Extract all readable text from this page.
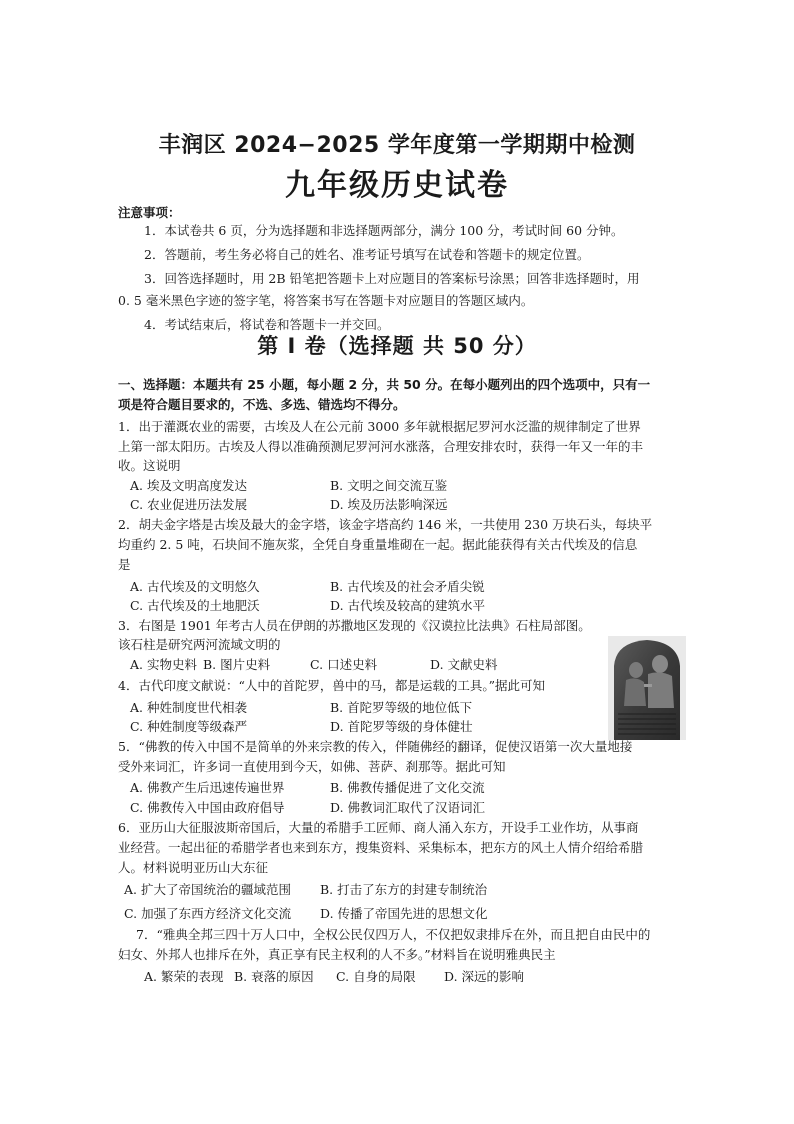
丰润区 2024−2025 学年度第一学期期中检测
九年级历史试卷
注意事项：
1．本试卷共 6 页，分为选择题和非选择题两部分，满分 100 分，考试时间 60 分钟。
2．答题前，考生务必将自己的姓名、准考证号填写在试卷和答题卡的规定位置。
3．回答选择题时，用 2B 铅笔把答题卡上对应题目的答案标号涂黑；回答非选择题时，用
0. 5 毫米黑色字迹的签字笔，将答案书写在答题卡对应题目的答题区域内。
4．考试结束后，将试卷和答题卡一并交回。
第 I 卷（选择题 共 50 分）
一、选择题：本题共有 25 小题，每小题 2 分，共 50 分。在每小题列出的四个选项中，只有一
项是符合题目要求的，不选、多选、错选均不得分。
1．出于灌溉农业的需要，古埃及人在公元前 3000 多年就根据尼罗河水泛滥的规律制定了世界
上第一部太阳历。古埃及人得以准确预测尼罗河河水涨落，合理安排农时，获得一年又一年的丰
收。这说明
A. 埃及文明高度发达	B. 文明之间交流互鉴
C. 农业促进历法发展	D. 埃及历法影响深远
2．胡夫金字塔是古埃及最大的金字塔，该金字塔高约 146 米，一共使用 230 万块石头，每块平
均重约 2. 5 吨，石块间不施灰浆，全凭自身重量堆砌在一起。据此能获得有关古代埃及的信息
是
A. 古代埃及的文明悠久	B. 古代埃及的社会矛盾尖锐
C. 古代埃及的土地肥沃	D. 古代埃及较高的建筑水平
3．右图是 1901 年考古人员在伊朗的苏撒地区发现的《汉谟拉比法典》石柱局部图。
该石柱是研究两河流域文明的
A. 实物史料 B. 图片史料	C. 口述史料	D. 文献史料
4．古代印度文献说：“人中的首陀罗，兽中的马，都是运载的工具。”据此可知
A. 种姓制度世代相袭	B. 首陀罗等级的地位低下
C. 种姓制度等级森严	D. 首陀罗等级的身体健壮
5．“佛教的传入中国不是简单的外来宗教的传入，伴随佛经的翻译，促使汉语第一次大量地接
受外来词汇，许多词一直使用到今天，如佛、菩萨、刹那等。据此可知
A. 佛教产生后迅速传遍世界	B. 佛教传播促进了文化交流
C. 佛教传入中国由政府倡导	D. 佛教词汇取代了汉语词汇
6．亚历山大征服波斯帝国后，大量的希腊手工匠师、商人涌入东方，开设手工业作坊，从事商
业经营。一起出征的希腊学者也来到东方，搜集资料、采集标本，把东方的风土人情介绍给希腊
人。材料说明亚历山大东征
A. 扩大了帝国统治的疆域范围 B. 打击了东方的封建专制统治
C. 加强了东西方经济文化交流 D. 传播了帝国先进的思想文化
7．“雅典全邦三四十万人口中，全权公民仅四万人，不仅把奴隶排斥在外，而且把自由民中的
妇女、外邦人也排斥在外，真正享有民主权利的人不多。”材料旨在说明雅典民主
A. 繁荣的表现 B. 衰落的原因 C. 自身的局限 D. 深远的影响
